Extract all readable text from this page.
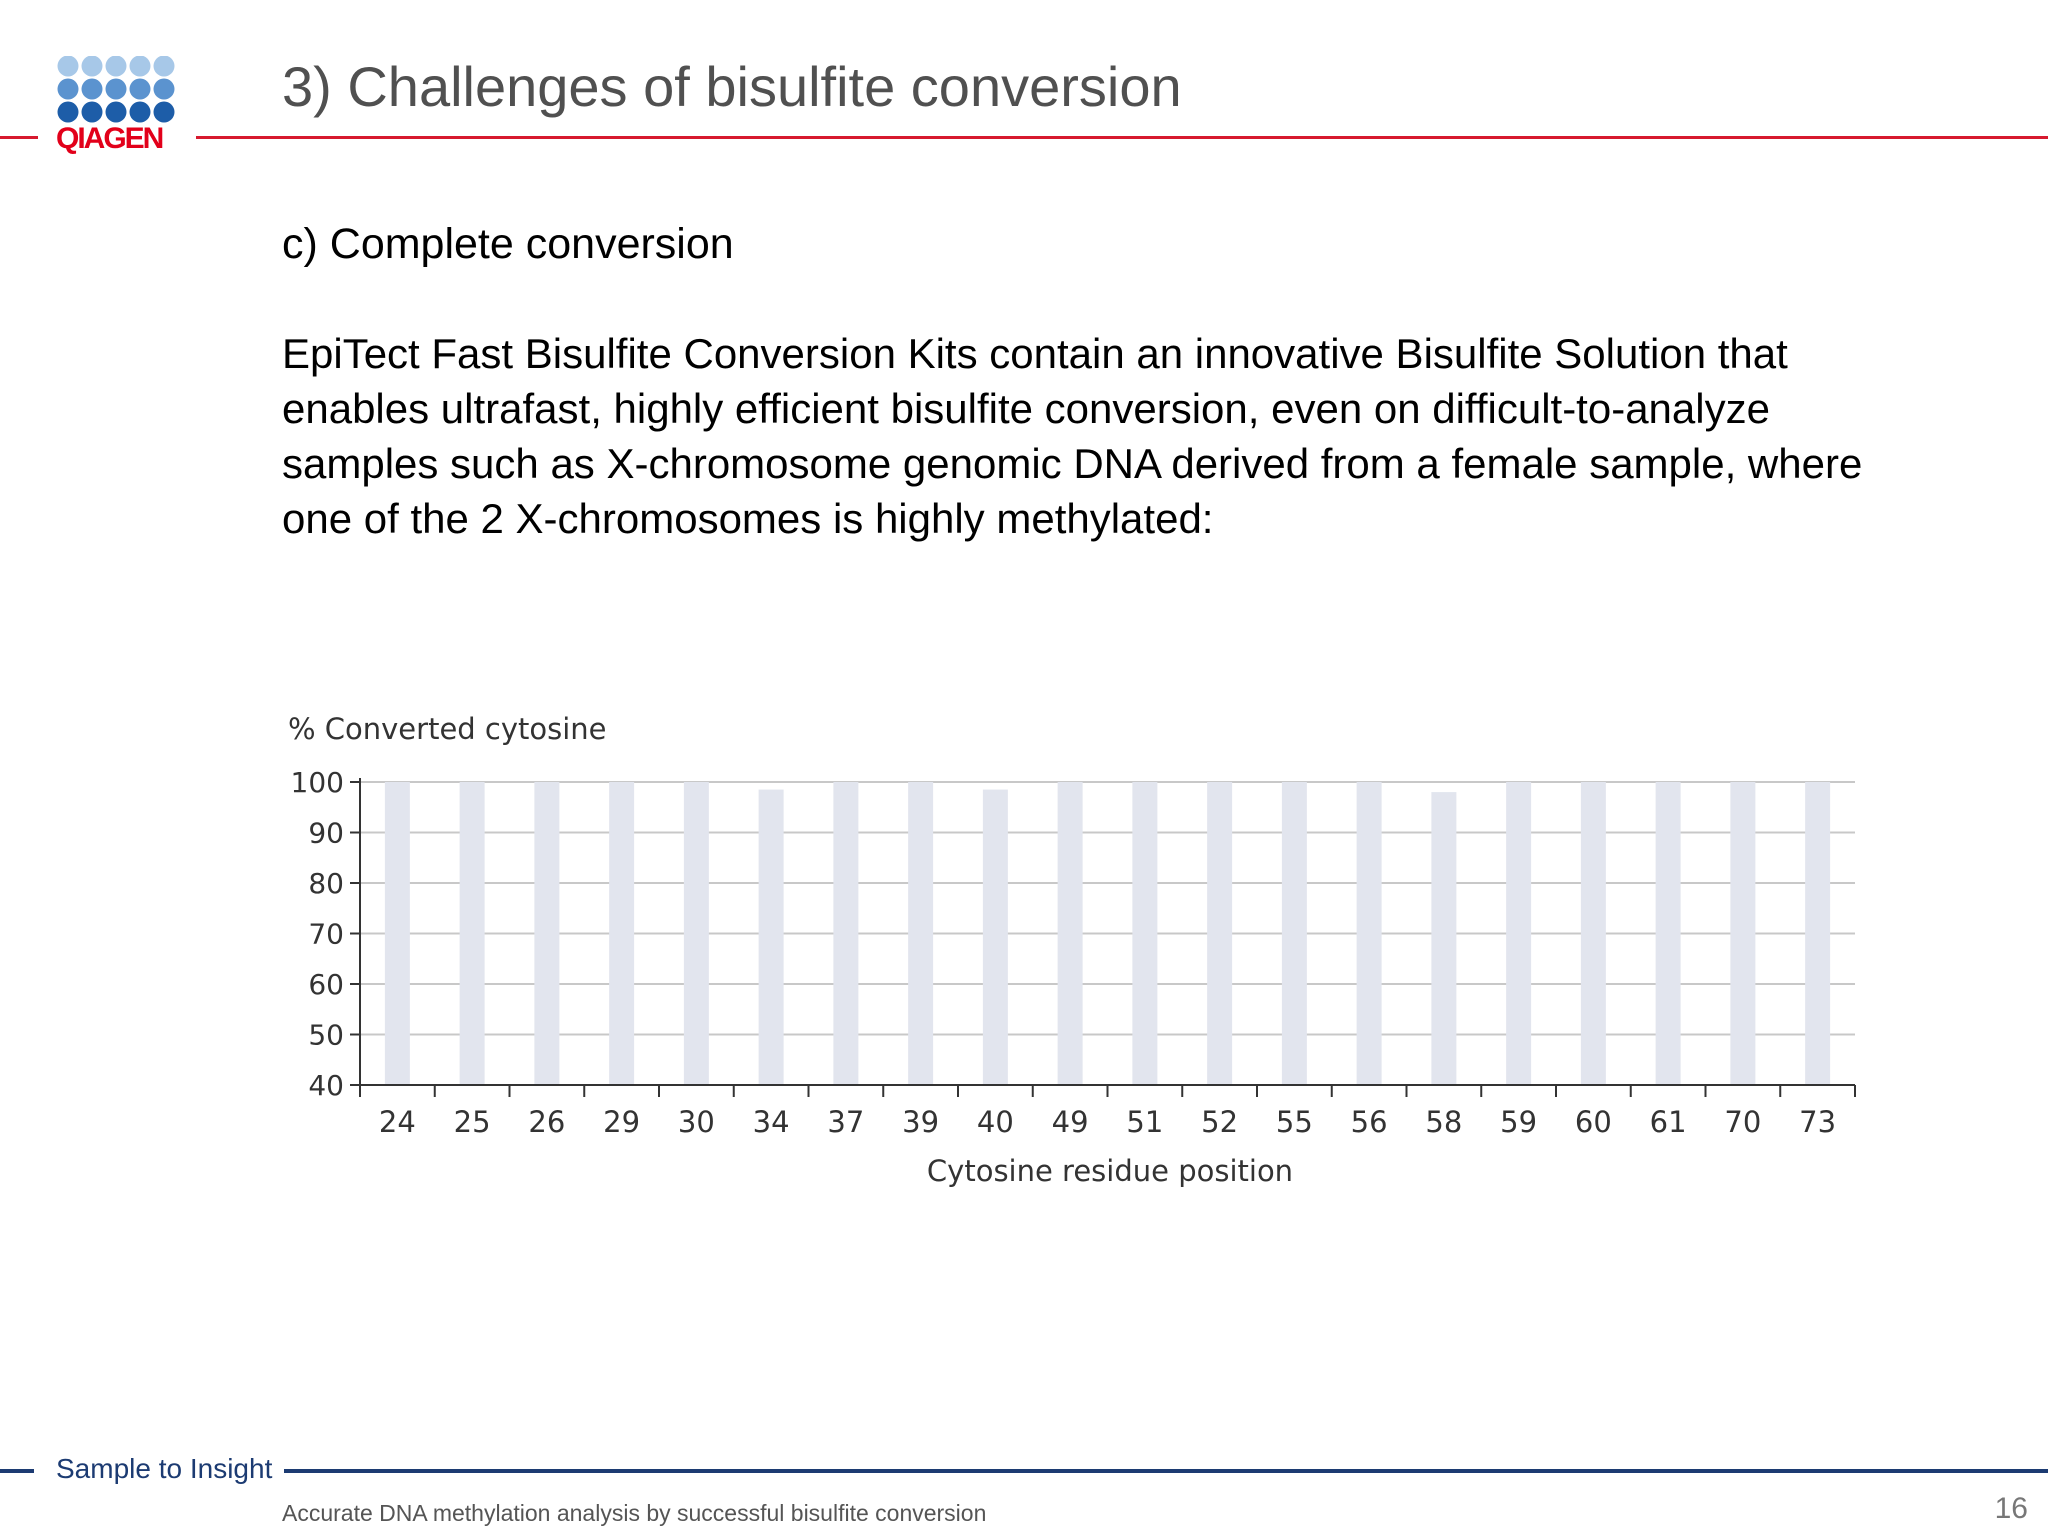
QIAGEN
3) Challenges of bisulfite conversion
c) Complete conversion
EpiTect Fast Bisulfite Conversion Kits contain an innovative Bisulfite Solution that enables ultrafast, highly efficient bisulfite conversion, even on difficult-to-analyze samples such as X-chromosome genomic DNA derived from a female sample, where one of the 2 X-chromosomes is highly methylated:
% Converted cytosine
Cytosine residue position
40
50
60
70
80
90
100
24 25 26 29 30 34 37 39 40 49 51 52 55 56 58 59 60 61 70 73
Sample to Insight
Accurate DNA methylation analysis by successful bisulfite conversion	16
